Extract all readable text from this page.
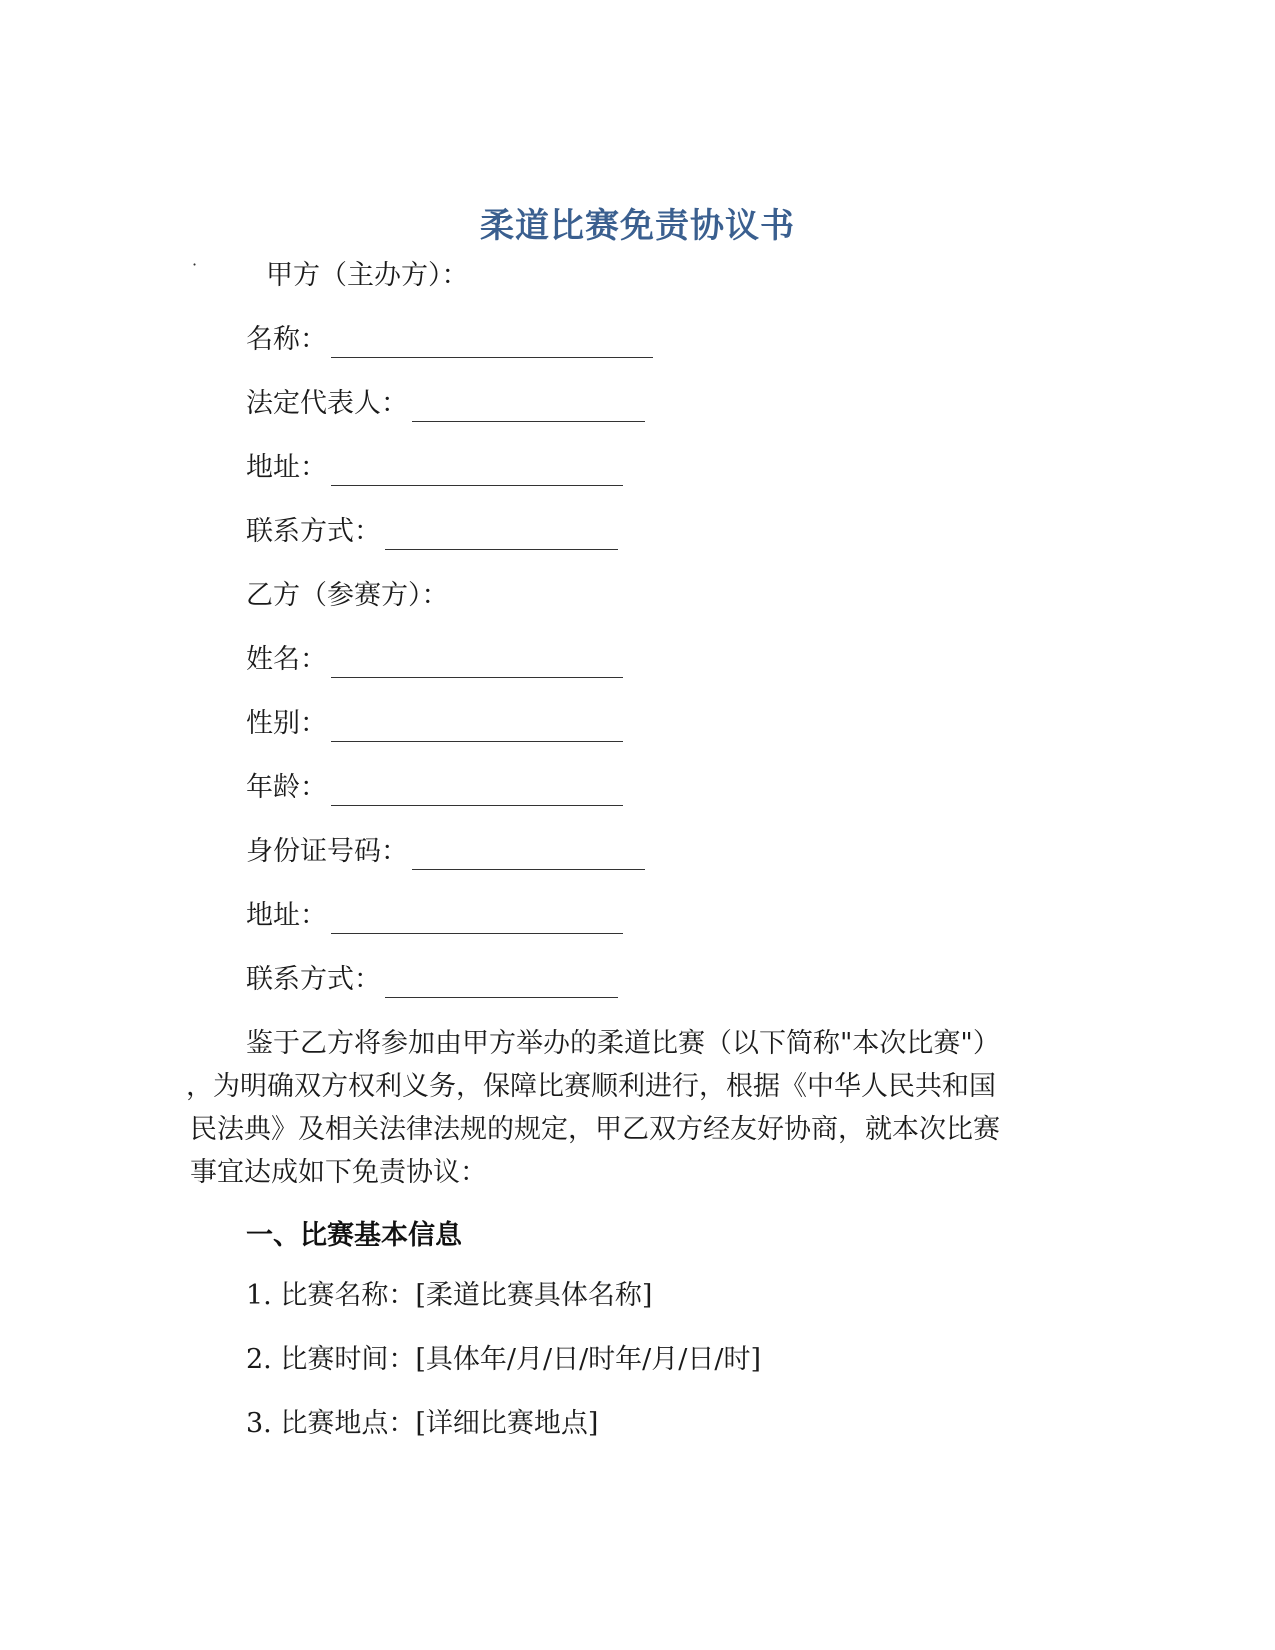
柔道比赛免责协议书
·	甲方（主办方）：
名称：
法定代表人：
地址：
联系方式：
乙方（参赛方）：
姓名：
性别：
年龄：
身份证号码：
地址：
联系方式：
鉴于乙方将参加由甲方举办的柔道比赛（以下简称"本次比赛"）
，为明确双方权利义务，保障比赛顺利进行，根据《中华人民共和国
民法典》及相关法律法规的规定，甲乙双方经友好协商，就本次比赛
事宜达成如下免责协议：
一、比赛基本信息
1. 比赛名称：[柔道比赛具体名称]
2. 比赛时间：[具体年/月/日/时年/月/日/时]
3. 比赛地点：[详细比赛地点]
